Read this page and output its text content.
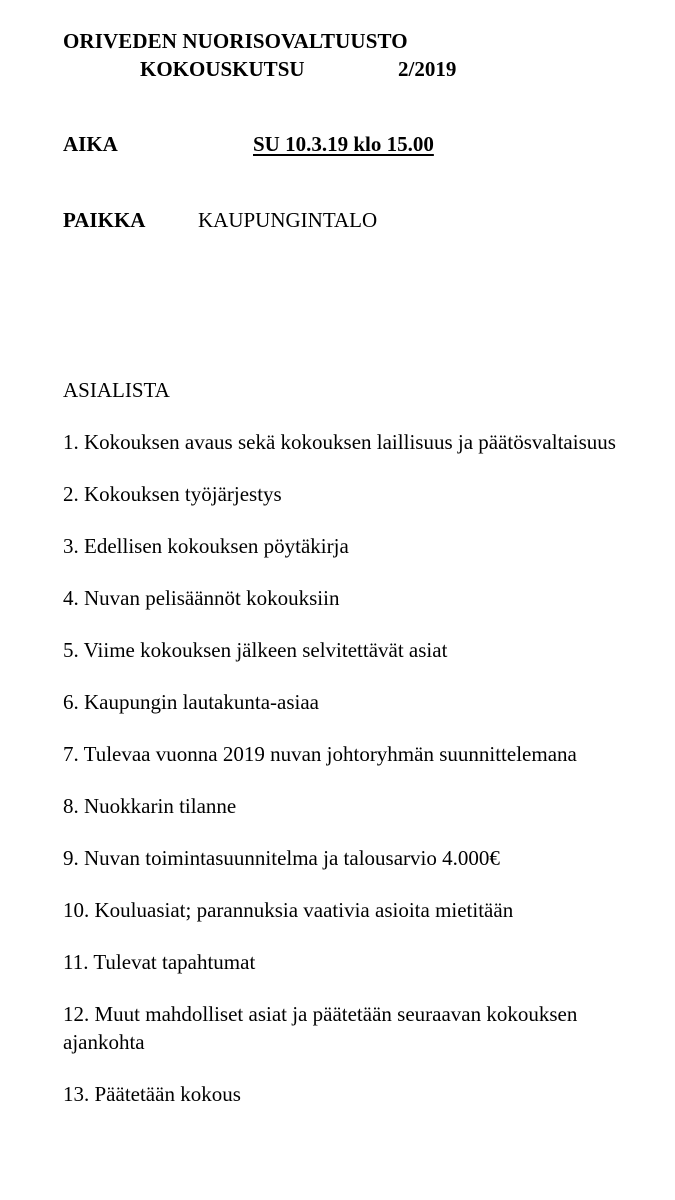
ORIVEDEN NUORISOVALTUUSTO
KOKOUSKUTSU	2/2019
AIKA	SU 10.3.19 klo 15.00
PAIKKA	KAUPUNGINTALO
ASIALISTA
1. Kokouksen avaus sekä kokouksen laillisuus ja päätösvaltaisuus
2. Kokouksen työjärjestys
3. Edellisen kokouksen pöytäkirja
4. Nuvan pelisäännöt kokouksiin
5. Viime kokouksen jälkeen selvitettävät asiat
6. Kaupungin lautakunta-asiaa
7. Tulevaa vuonna 2019 nuvan johtoryhmän suunnittelemana
8. Nuokkarin tilanne
9. Nuvan toimintasuunnitelma ja talousarvio 4.000€
10. Kouluasiat; parannuksia vaativia asioita mietitään
11. Tulevat tapahtumat
12. Muut mahdolliset asiat ja päätetään seuraavan kokouksen ajankohta
13. Päätetään kokous
